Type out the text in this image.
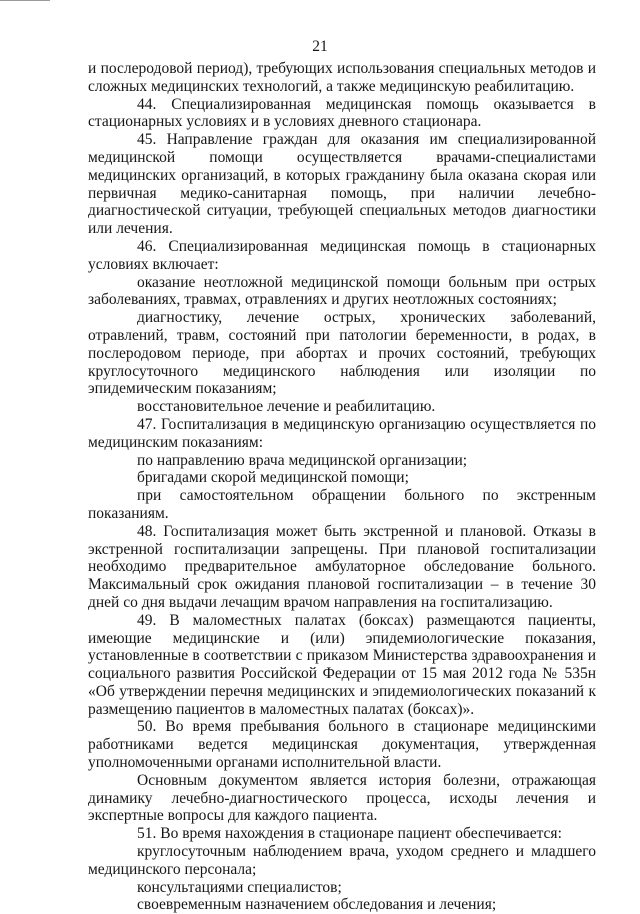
21

и послеродовой период), требующих использования специальных методов и сложных медицинских технологий, а также медицинскую реабилитацию.

44. Специализированная медицинская помощь оказывается в стационарных условиях и в условиях дневного стационара.

45. Направление граждан для оказания им специализированной медицинской помощи осуществляется врачами-специалистами медицинских организаций, в которых гражданину была оказана скорая или первичная медико-санитарная помощь, при наличии лечебно-диагностической ситуации, требующей специальных методов диагностики или лечения.

46. Специализированная медицинская помощь в стационарных условиях включает:

оказание неотложной медицинской помощи больным при острых заболеваниях, травмах, отравлениях и других неотложных состояниях;

диагностику, лечение острых, хронических заболеваний, отравлений, травм, состояний при патологии беременности, в родах, в послеродовом периоде, при абортах и прочих состояний, требующих круглосуточного медицинского наблюдения или изоляции по эпидемическим показаниям;

восстановительное лечение и реабилитацию.

47. Госпитализация в медицинскую организацию осуществляется по медицинским показаниям:

по направлению врача медицинской организации;

бригадами скорой медицинской помощи;

при самостоятельном обращении больного по экстренным показаниям.

48. Госпитализация может быть экстренной и плановой. Отказы в экстренной госпитализации запрещены. При плановой госпитализации необходимо предварительное амбулаторное обследование больного. Максимальный срок ожидания плановой госпитализации – в течение 30 дней со дня выдачи лечащим врачом направления на госпитализацию.

49. В маломестных палатах (боксах) размещаются пациенты, имеющие медицинские и (или) эпидемиологические показания, установленные в соответствии с приказом Министерства здравоохранения и социального развития Российской Федерации от 15 мая 2012 года № 535н «Об утверждении перечня медицинских и эпидемиологических показаний к размещению пациентов в маломестных палатах (боксах)».

50. Во время пребывания больного в стационаре медицинскими работниками ведется медицинская документация, утвержденная уполномоченными органами исполнительной власти.

Основным документом является история болезни, отражающая динамику лечебно-диагностического процесса, исходы лечения и экспертные вопросы для каждого пациента.

51. Во время нахождения в стационаре пациент обеспечивается:

круглосуточным наблюдением врача, уходом среднего и младшего медицинского персонала;

консультациями специалистов;

своевременным назначением обследования и лечения;
